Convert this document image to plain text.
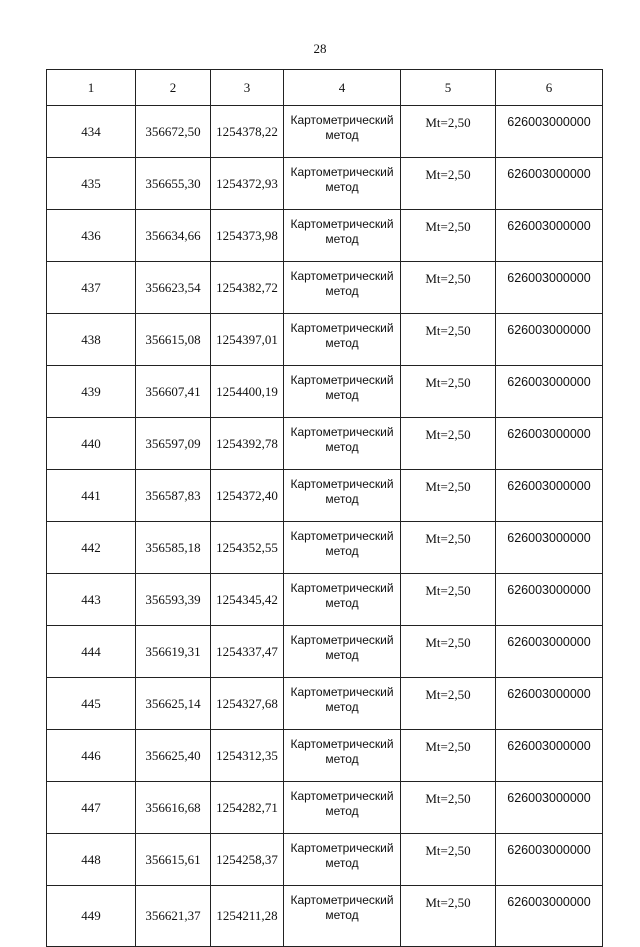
28
1	2	3	4	5	6
434	356672,50	1254378,22	Картометрический
метод	Mt=2,50	626003000000
435	356655,30	1254372,93	Картометрический
метод	Mt=2,50	626003000000
436	356634,66	1254373,98	Картометрический
метод	Mt=2,50	626003000000
437	356623,54	1254382,72	Картометрический
метод	Mt=2,50	626003000000
438	356615,08	1254397,01	Картометрический
метод	Mt=2,50	626003000000
439	356607,41	1254400,19	Картометрический
метод	Mt=2,50	626003000000
440	356597,09	1254392,78	Картометрический
метод	Mt=2,50	626003000000
441	356587,83	1254372,40	Картометрический
метод	Mt=2,50	626003000000
442	356585,18	1254352,55	Картометрический
метод	Mt=2,50	626003000000
443	356593,39	1254345,42	Картометрический
метод	Mt=2,50	626003000000
444	356619,31	1254337,47	Картометрический
метод	Mt=2,50	626003000000
445	356625,14	1254327,68	Картометрический
метод	Mt=2,50	626003000000
446	356625,40	1254312,35	Картометрический
метод	Mt=2,50	626003000000
447	356616,68	1254282,71	Картометрический
метод	Mt=2,50	626003000000
448	356615,61	1254258,37	Картометрический
метод	Mt=2,50	626003000000
449	356621,37	1254211,28	Картометрический
метод	Mt=2,50	626003000000
